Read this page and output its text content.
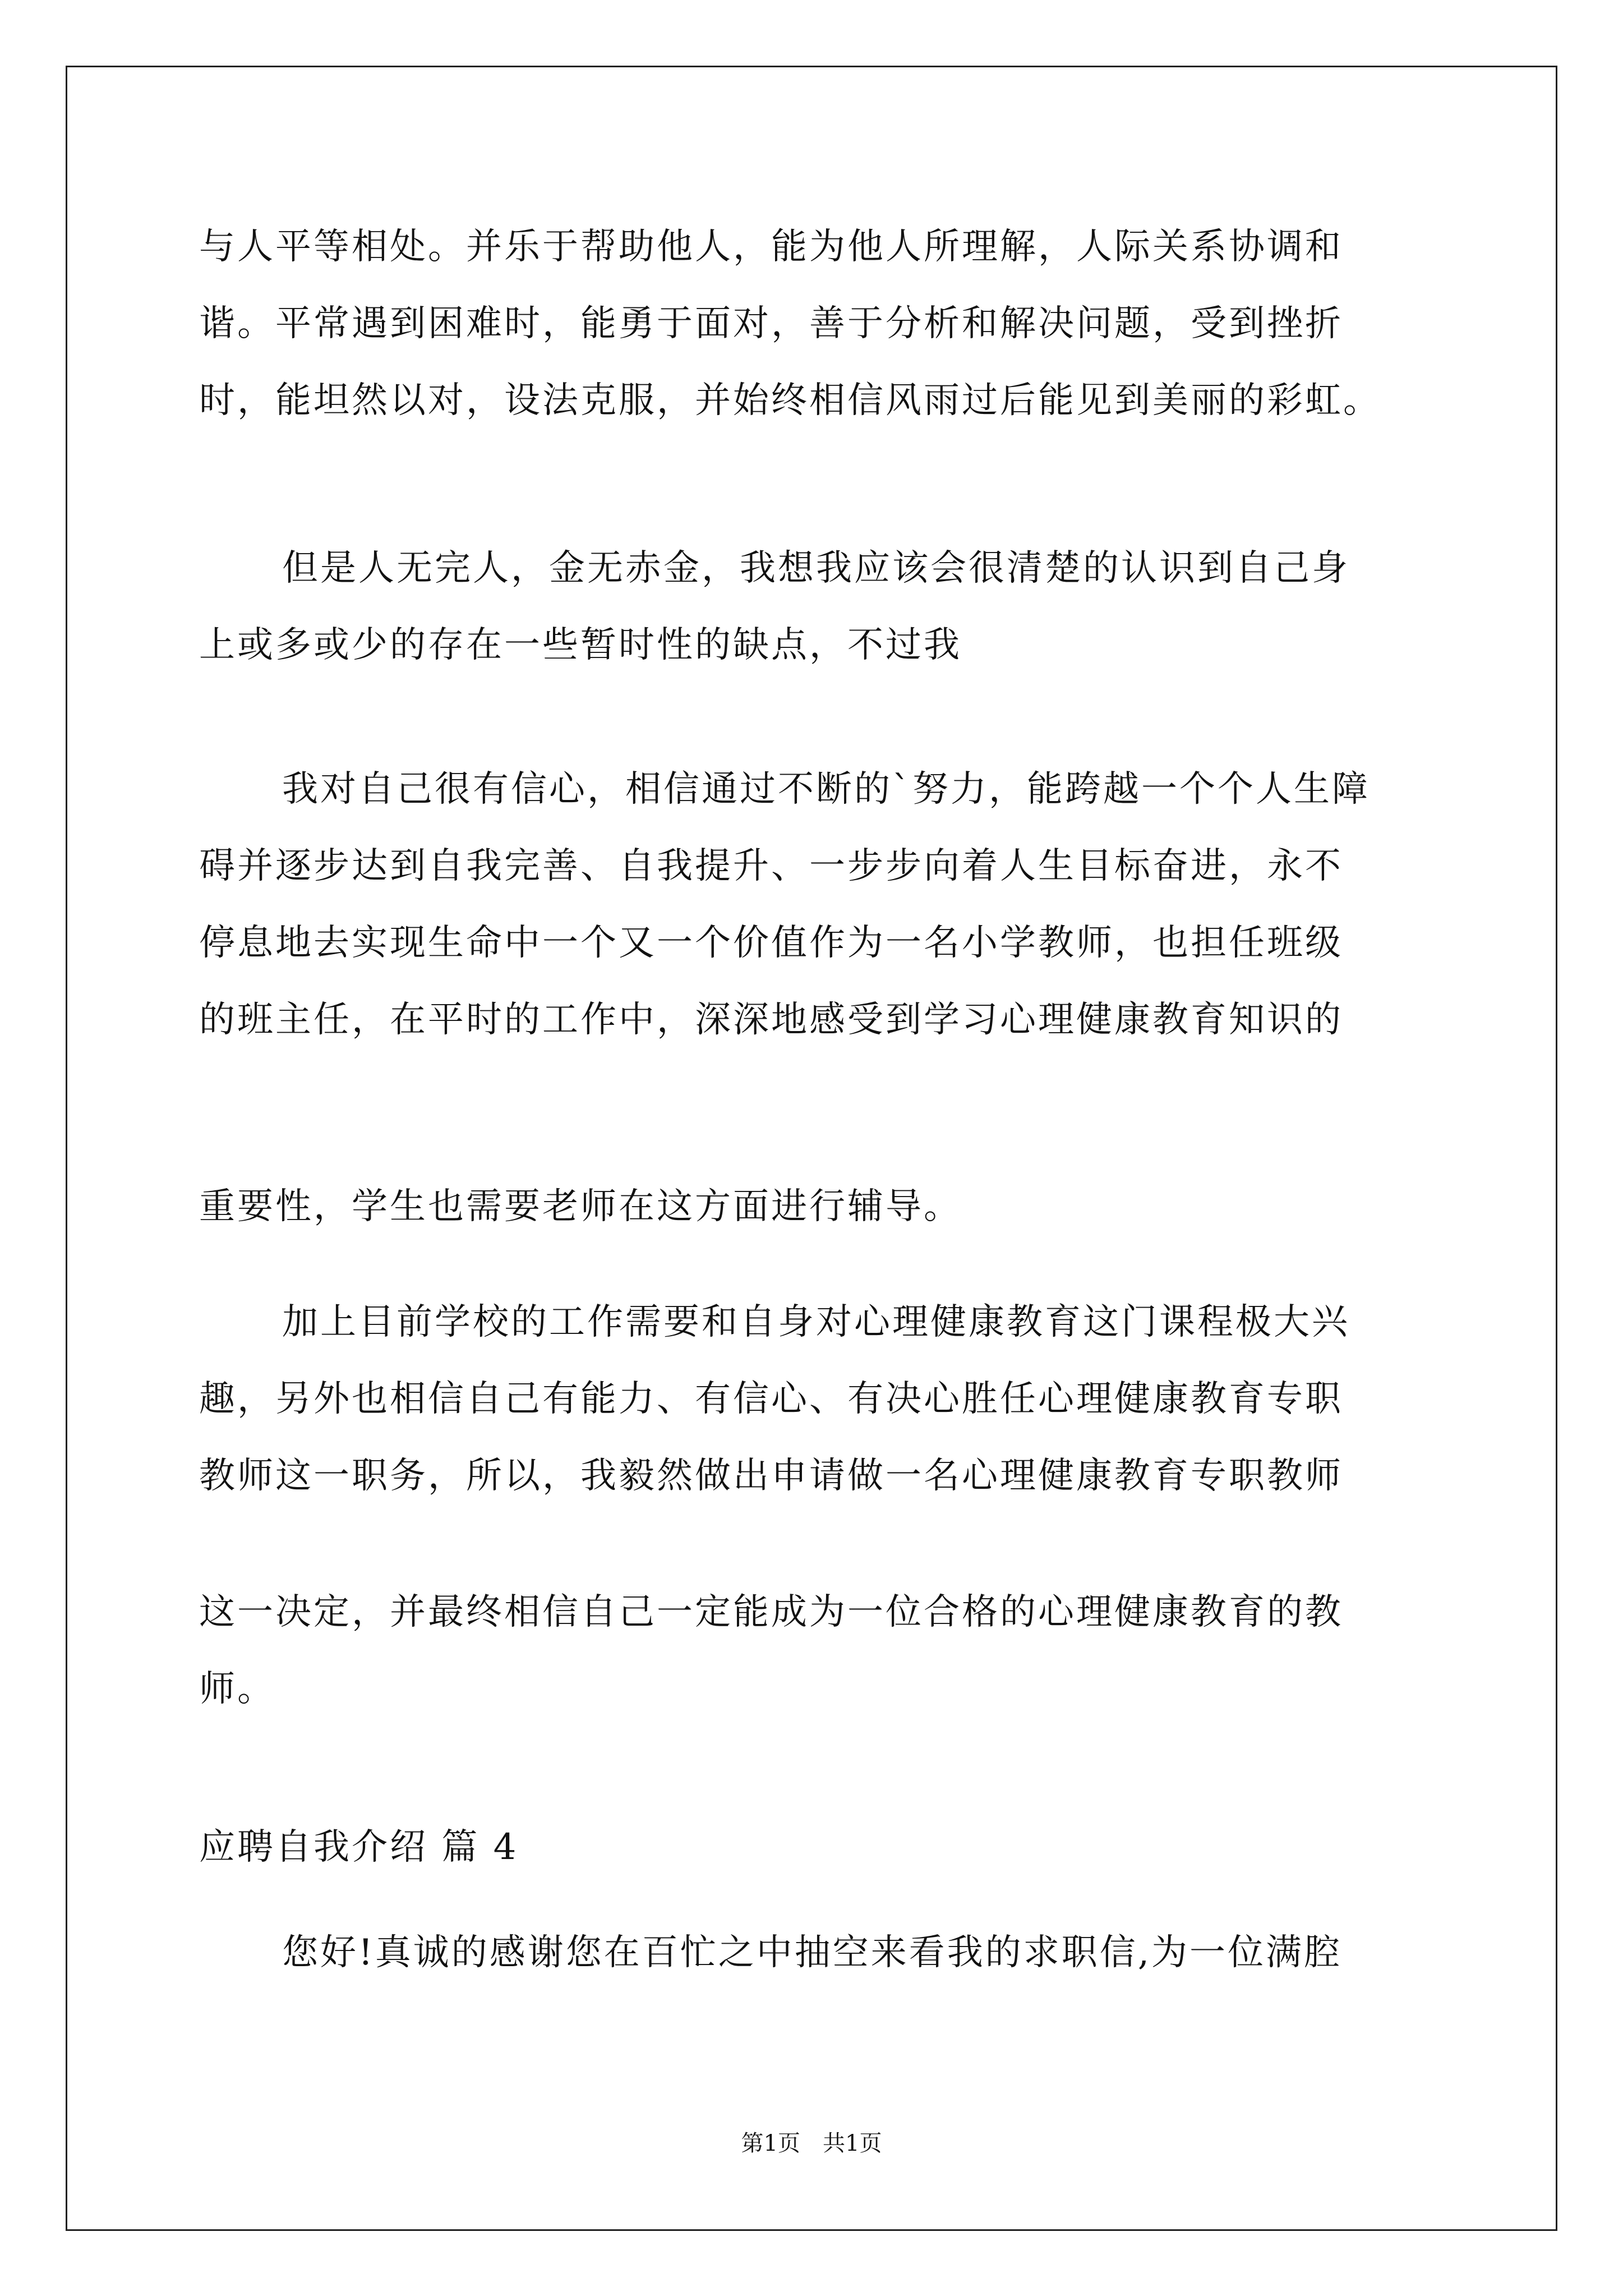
与人平等相处。并乐于帮助他人，能为他人所理解，人际关系协调和
谐。平常遇到困难时，能勇于面对，善于分析和解决问题，受到挫折
时，能坦然以对，设法克服，并始终相信风雨过后能见到美丽的彩虹。
但是人无完人，金无赤金，我想我应该会很清楚的认识到自己身
上或多或少的存在一些暂时性的缺点，不过我
我对自己很有信心，相信通过不断的`努力，能跨越一个个人生障
碍并逐步达到自我完善、自我提升、一步步向着人生目标奋进，永不
停息地去实现生命中一个又一个价值作为一名小学教师，也担任班级
的班主任，在平时的工作中，深深地感受到学习心理健康教育知识的
重要性，学生也需要老师在这方面进行辅导。
加上目前学校的工作需要和自身对心理健康教育这门课程极大兴
趣，另外也相信自己有能力、有信心、有决心胜任心理健康教育专职
教师这一职务，所以，我毅然做出申请做一名心理健康教育专职教师
这一决定，并最终相信自己一定能成为一位合格的心理健康教育的教
师。
应聘自我介绍 篇 4
您好!真诚的感谢您在百忙之中抽空来看我的求职信,为一位满腔
第1页　共1页
